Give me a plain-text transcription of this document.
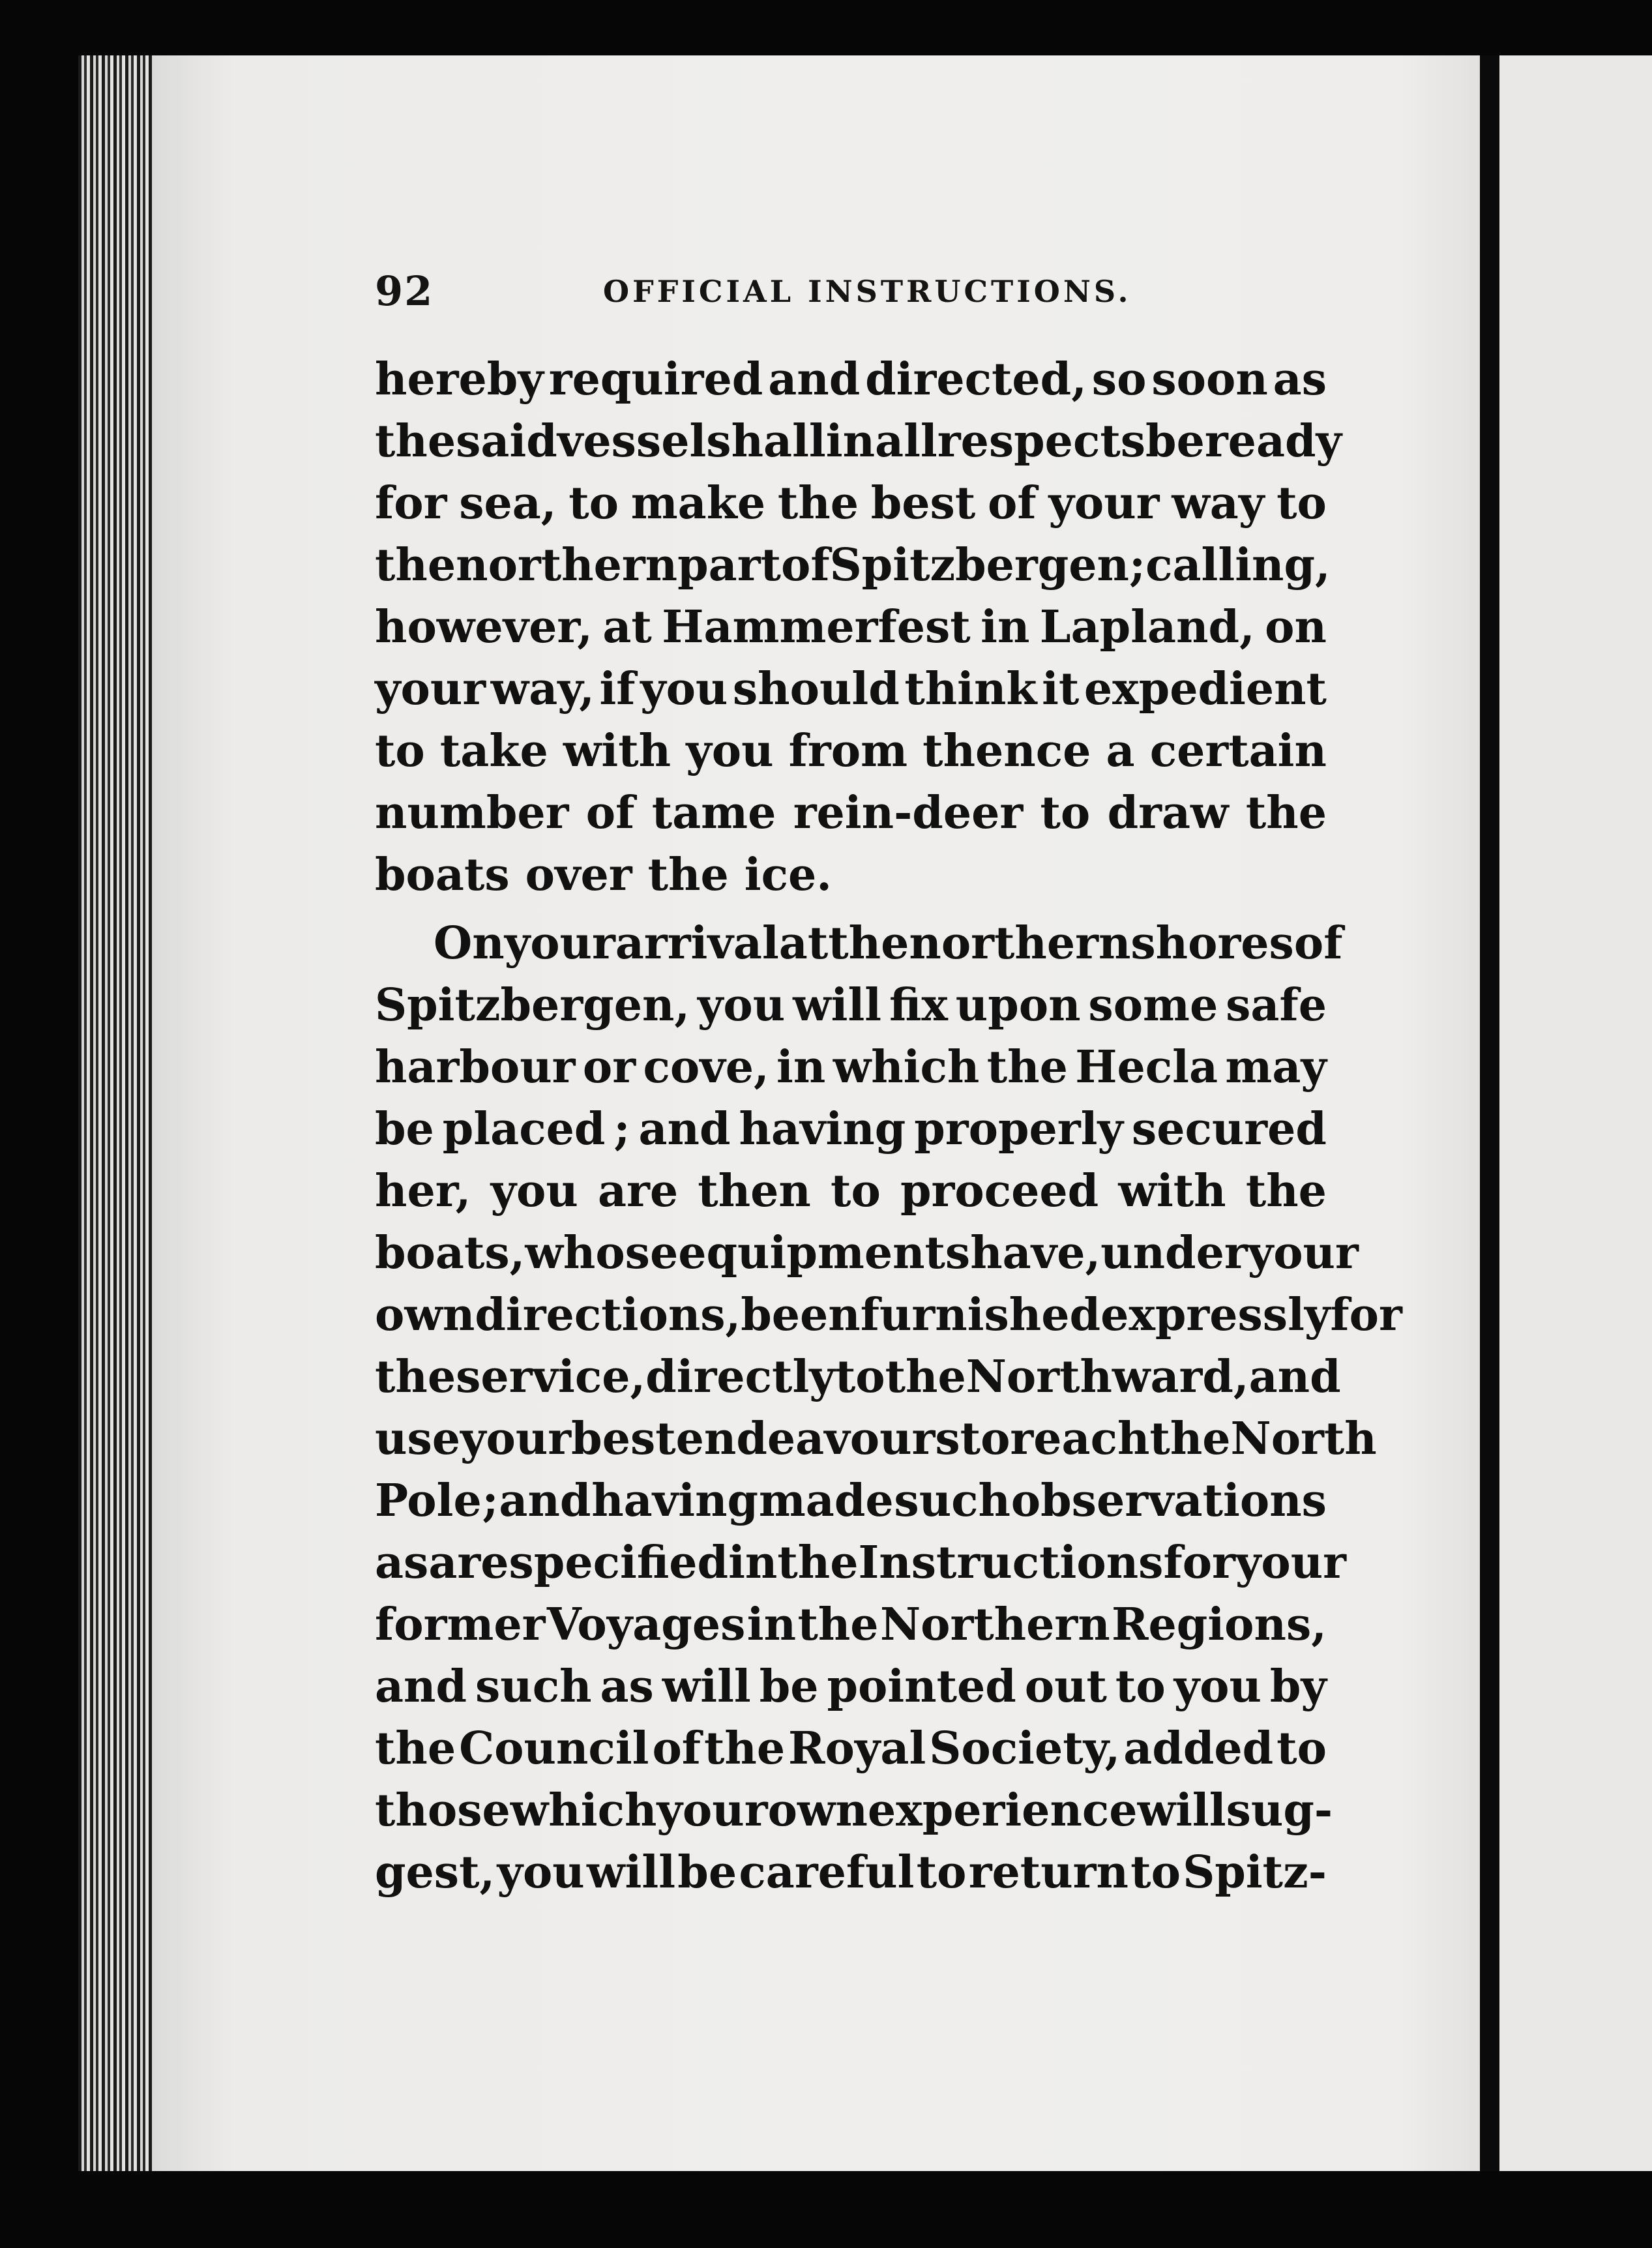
92	OFFICIAL INSTRUCTIONS.
hereby required and directed, so soon as
the said vessel shall in all respects be ready
for sea, to make the best of your way to
the northern part of Spitzbergen ; calling,
however, at Hammerfest in Lapland, on
your way, if you should think it expedient
to take with you from thence a certain
number of tame rein-deer to draw the
boats over the ice.
On your arrival at the northern shores of
Spitzbergen, you will fix upon some safe
harbour or cove, in which the Hecla may
be placed ; and having properly secured
her, you are then to proceed with the
boats, whose equipments have, under your
own directions, been furnished expressly for
the service, directly to the Northward, and
use your best endeavours to reach the North
Pole ; and having made such observations
as are specified in the Instructions for your
former Voyages in the Northern Regions,
and such as will be pointed out to you by
the Council of the Royal Society, added to
those which your own experience will sug-
gest, you will be careful to return to Spitz-
